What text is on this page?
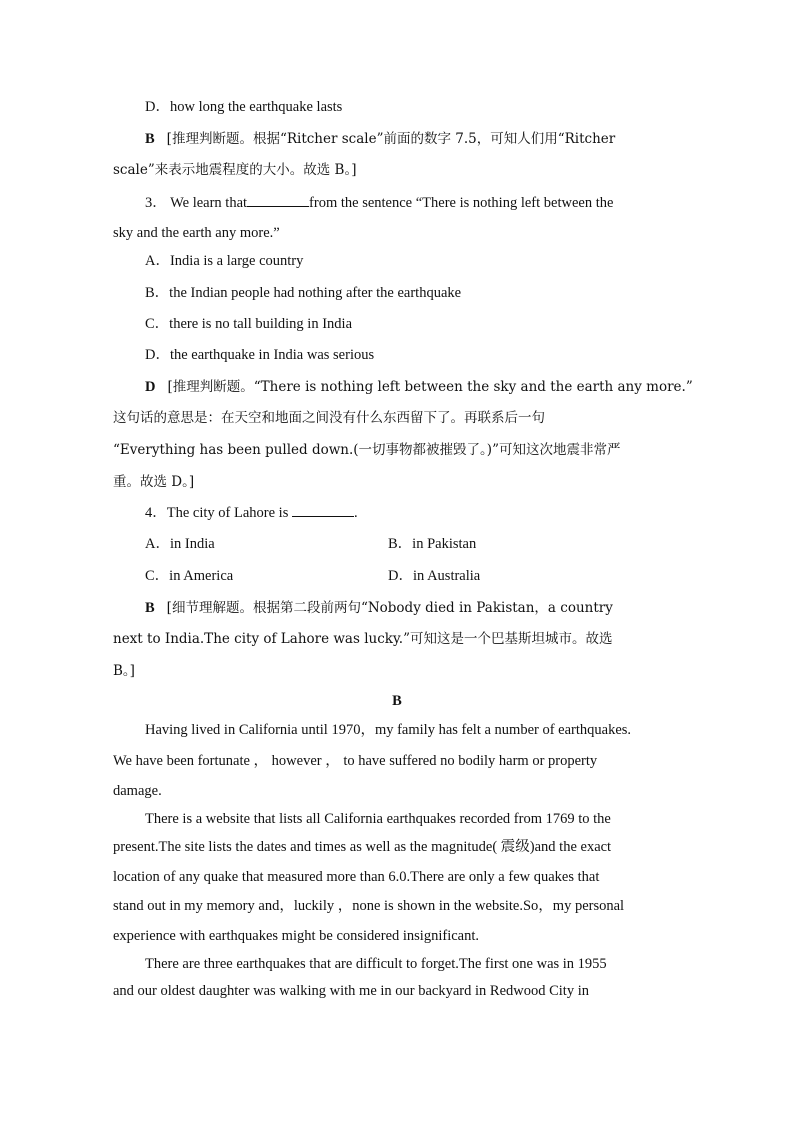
D．how long the earthquake lasts
B [推理判断题。根据“Ritcher scale”前面的数字 7.5，可知人们用“Ritcher
scale”来表示地震程度的大小。故选 B。]
3． We learn that	from the sentence “There is nothing left between the
sky and the earth any more.”
A．India is a large country
B．the Indian people had nothing after the earthquake
C．there is no tall building in India
D．the earthquake in India was serious
D [推理判断题。“There is nothing left between the sky and the earth any more.”
这句话的意思是：在天空和地面之间没有什么东西留下了。再联系后一句
“Everything has been pulled down.(一切事物都被摧毁了。)”可知这次地震非常严
重。故选 D。]
4．The city of Lahore is	.
A．in India	B．in Pakistan
C．in America	D．in Australia
B [细节理解题。根据第二段前两句“Nobody died in Pakistan，a country
next to India.The city of Lahore was lucky.”可知这是一个巴基斯坦城市。故选
B。]
B
Having lived in California until 1970，my family has felt a number of earthquakes.
We have been fortunate ， however ， to have suffered no bodily harm or property
damage.
There is a website that lists all California earthquakes recorded from 1769 to the
present.The site lists the dates and times as well as the magnitude( 震级)and the exact
location of any quake that measured more than 6.0.There are only a few quakes that
stand out in my memory and，luckily ，none is shown in the website.So，my personal
experience with earthquakes might be considered insignificant.
There are three earthquakes that are difficult to forget.The first one was in 1955
and our oldest daughter was walking with me in our backyard in Redwood City in
